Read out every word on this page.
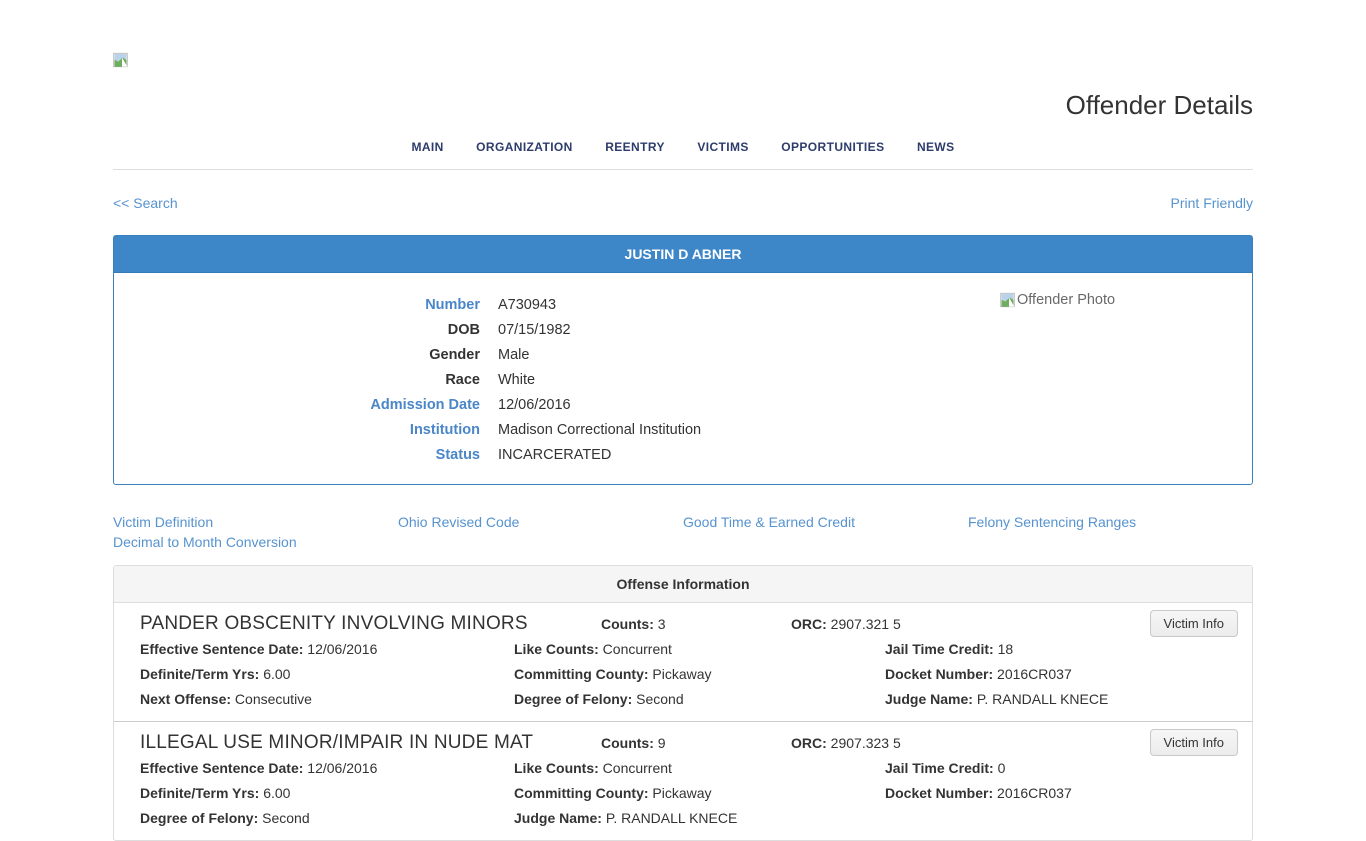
Offender Details
MAIN	ORGANIZATION	REENTRY	VICTIMS	OPPORTUNITIES	NEWS
<< Search	Print Friendly
JUSTIN D ABNER
Number	A730943
DOB	07/15/1982
Gender	Male
Race	White
Admission Date	12/06/2016
Institution	Madison Correctional Institution
Status	INCARCERATED
Offender Photo
Victim Definition	Ohio Revised Code	Good Time & Earned Credit	Felony Sentencing Ranges
Decimal to Month Conversion
Offense Information
PANDER OBSCENITY INVOLVING MINORS	Counts: 3	ORC: 2907.321 5	Victim Info
Effective Sentence Date: 12/06/2016	Like Counts: Concurrent	Jail Time Credit: 18
Definite/Term Yrs: 6.00	Committing County: Pickaway	Docket Number: 2016CR037
Next Offense: Consecutive	Degree of Felony: Second	Judge Name: P. RANDALL KNECE
ILLEGAL USE MINOR/IMPAIR IN NUDE MAT	Counts: 9	ORC: 2907.323 5	Victim Info
Effective Sentence Date: 12/06/2016	Like Counts: Concurrent	Jail Time Credit: 0
Definite/Term Yrs: 6.00	Committing County: Pickaway	Docket Number: 2016CR037
Degree of Felony: Second	Judge Name: P. RANDALL KNECE
